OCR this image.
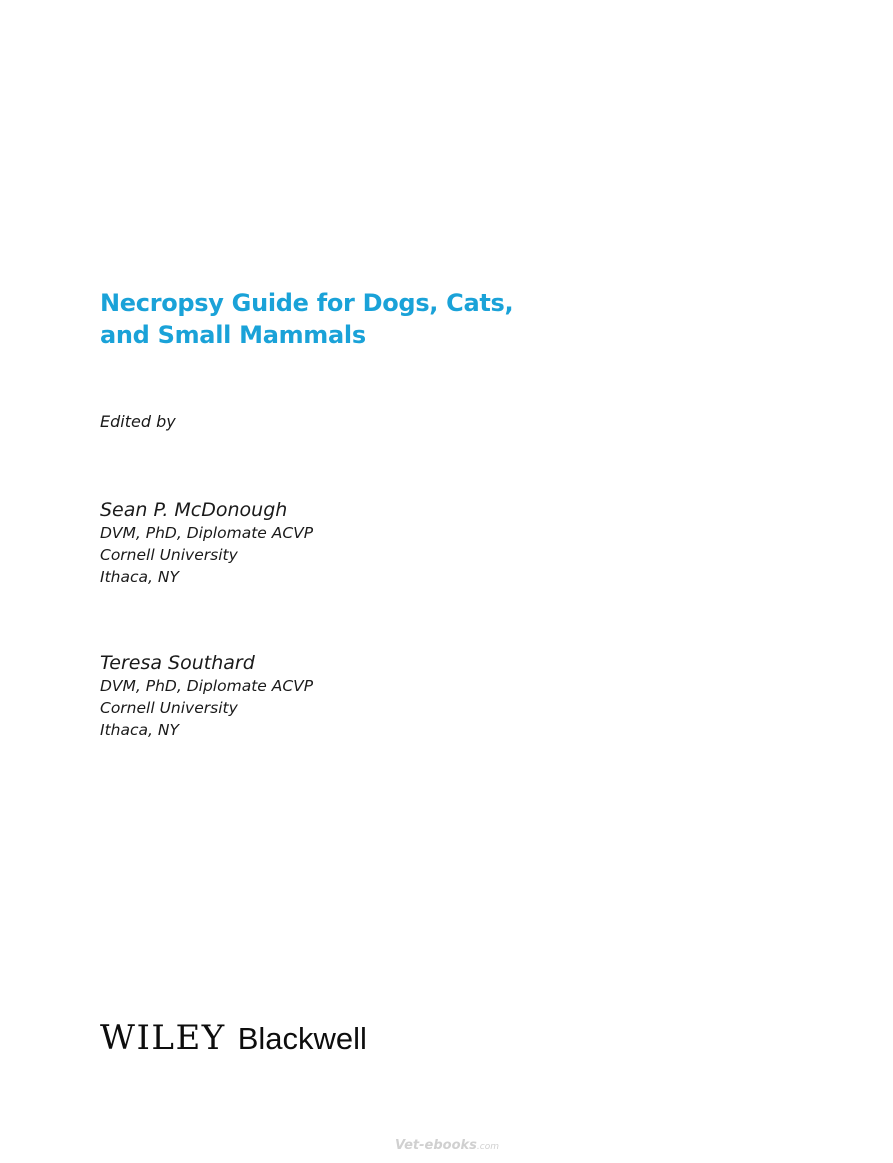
Necropsy Guide for Dogs, Cats,
and Small Mammals
Edited by
Sean P. McDonough
DVM, PhD, Diplomate ACVP
Cornell University
Ithaca, NY
Teresa Southard
DVM, PhD, Diplomate ACVP
Cornell University
Ithaca, NY
WILEY Blackwell
Vet-ebooks.com
